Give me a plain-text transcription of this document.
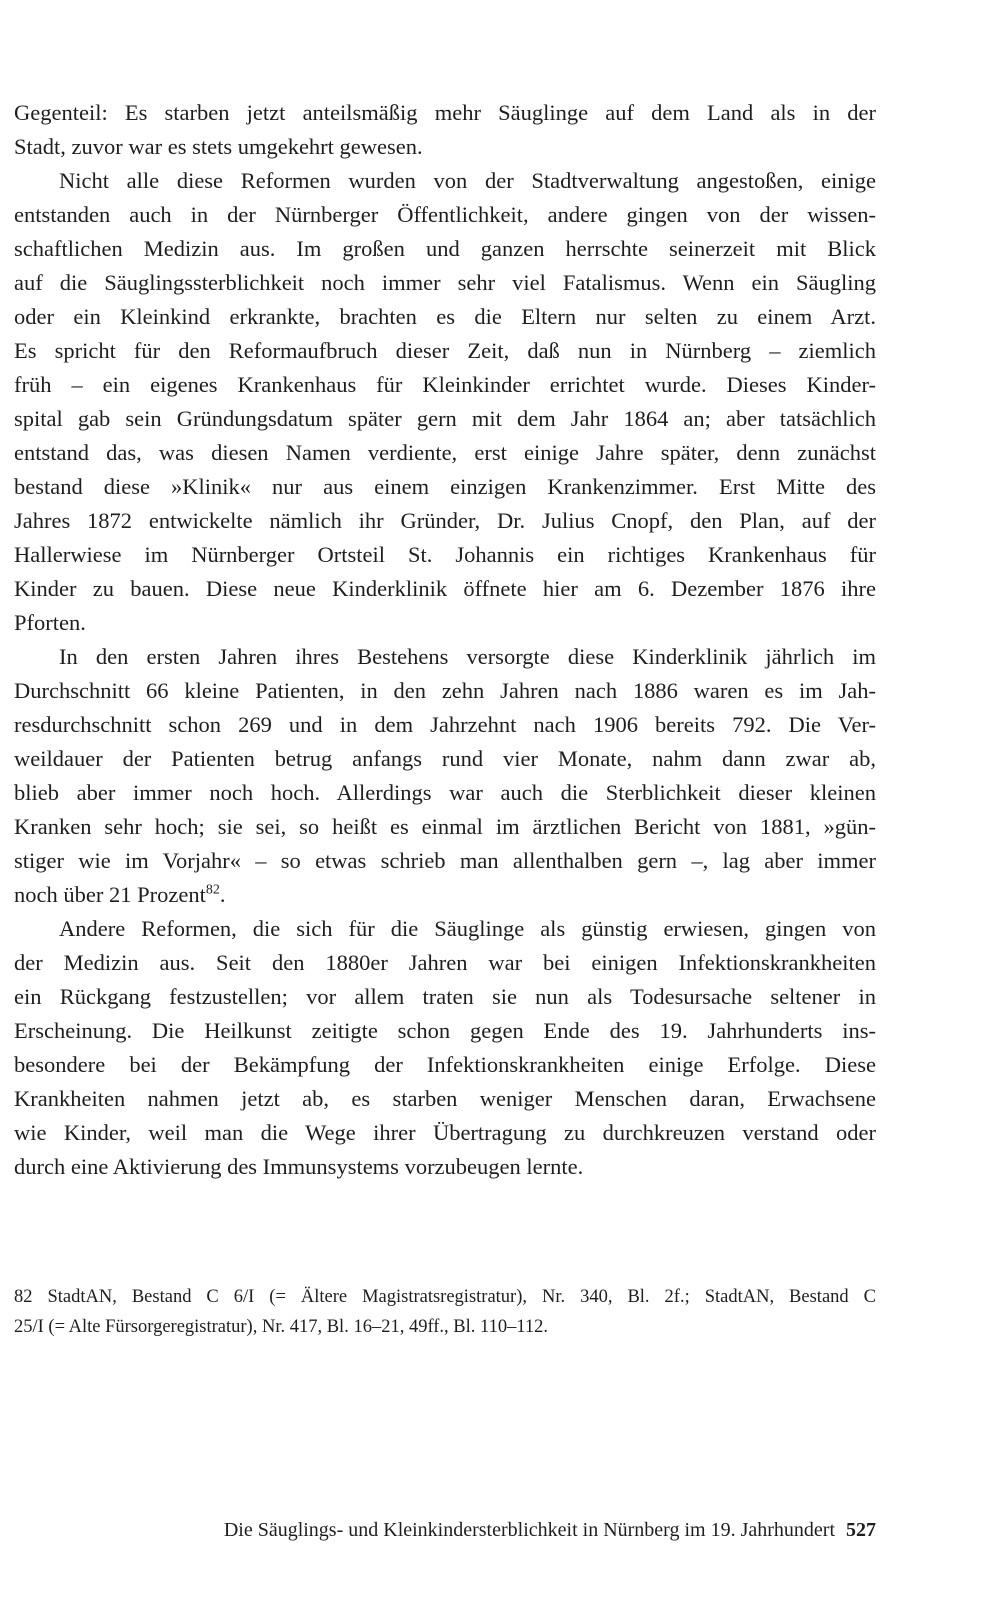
Gegenteil: Es starben jetzt anteilsmäßig mehr Säuglinge auf dem Land als in der
Stadt, zuvor war es stets umgekehrt gewesen.
Nicht alle diese Reformen wurden von der Stadtverwaltung angestoßen, einige
entstanden auch in der Nürnberger Öffentlichkeit, andere gingen von der wissen-
schaftlichen Medizin aus. Im großen und ganzen herrschte seinerzeit mit Blick
auf die Säuglingssterblichkeit noch immer sehr viel Fatalismus. Wenn ein Säugling
oder ein Kleinkind erkrankte, brachten es die Eltern nur selten zu einem Arzt.
Es spricht für den Reformaufbruch dieser Zeit, daß nun in Nürnberg – ziemlich
früh – ein eigenes Krankenhaus für Kleinkinder errichtet wurde. Dieses Kinder-
spital gab sein Gründungsdatum später gern mit dem Jahr 1864 an; aber tatsächlich
entstand das, was diesen Namen verdiente, erst einige Jahre später, denn zunächst
bestand diese »Klinik« nur aus einem einzigen Krankenzimmer. Erst Mitte des
Jahres 1872 entwickelte nämlich ihr Gründer, Dr. Julius Cnopf, den Plan, auf der
Hallerwiese im Nürnberger Ortsteil St. Johannis ein richtiges Krankenhaus für
Kinder zu bauen. Diese neue Kinderklinik öffnete hier am 6. Dezember 1876 ihre
Pforten.
In den ersten Jahren ihres Bestehens versorgte diese Kinderklinik jährlich im
Durchschnitt 66 kleine Patienten, in den zehn Jahren nach 1886 waren es im Jah-
resdurchschnitt schon 269 und in dem Jahrzehnt nach 1906 bereits 792. Die Ver-
weildauer der Patienten betrug anfangs rund vier Monate, nahm dann zwar ab,
blieb aber immer noch hoch. Allerdings war auch die Sterblichkeit dieser kleinen
Kranken sehr hoch; sie sei, so heißt es einmal im ärztlichen Bericht von 1881, »gün-
stiger wie im Vorjahr« – so etwas schrieb man allenthalben gern –, lag aber immer
noch über 21 Prozent$^{82}$.
Andere Reformen, die sich für die Säuglinge als günstig erwiesen, gingen von
der Medizin aus. Seit den 1880er Jahren war bei einigen Infektionskrankheiten
ein Rückgang festzustellen; vor allem traten sie nun als Todesursache seltener in
Erscheinung. Die Heilkunst zeitigte schon gegen Ende des 19. Jahrhunderts ins-
besondere bei der Bekämpfung der Infektionskrankheiten einige Erfolge. Diese
Krankheiten nahmen jetzt ab, es starben weniger Menschen daran, Erwachsene
wie Kinder, weil man die Wege ihrer Übertragung zu durchkreuzen verstand oder
durch eine Aktivierung des Immunsystems vorzubeugen lernte.
82 StadtAN, Bestand C 6/I (= Ältere Magistratsregistratur), Nr. 340, Bl. 2f.; StadtAN, Bestand C
25/I (= Alte Fürsorgeregistratur), Nr. 417, Bl. 16–21, 49ff., Bl. 110–112.
Die Säuglings- und Kleinkindersterblichkeit in Nürnberg im 19. Jahrhundert 527
